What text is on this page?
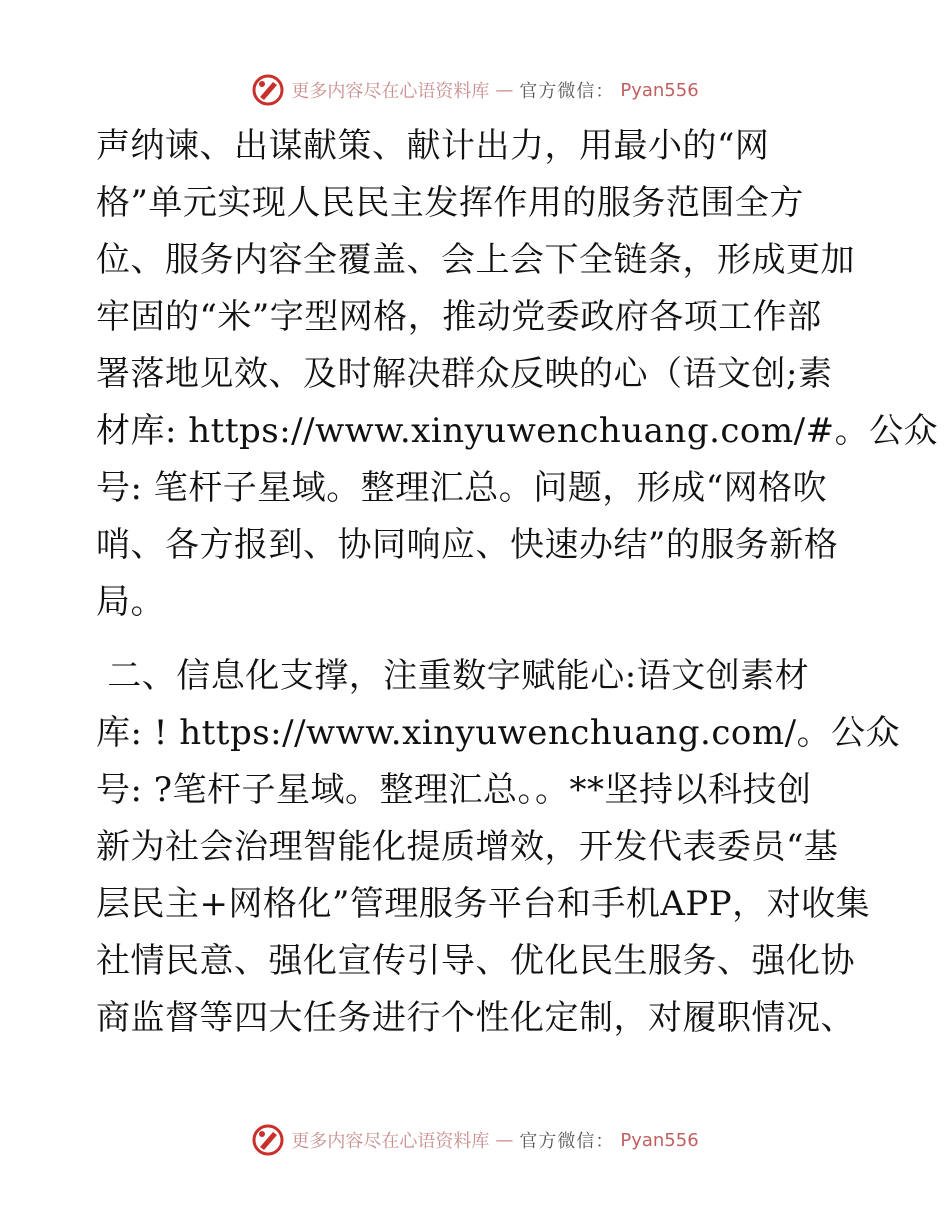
更多内容尽在心语资料库 — 官方微信： Pyan556
声纳谏、出谋献策、献计出力，用最小的“网
格”单元实现人民民主发挥作用的服务范围全方
位、服务内容全覆盖、会上会下全链条，形成更加
牢固的“米”字型网格，推动党委政府各项工作部
署落地见效、及时解决群众反映的心（语文创;素
材库: https://www.xinyuwenchuang.com/#。公众
号: 笔杆子星域。整理汇总。问题，形成“网格吹
哨、各方报到、协同响应、快速办结”的服务新格
局。
二、信息化支撑，注重数字赋能心:语文创素材
库: ! https://www.xinyuwenchuang.com/。公众
号: ?笔杆子星域。整理汇总。。**坚持以科技创
新为社会治理智能化提质增效，开发代表委员“基
层民主+网格化”管理服务平台和手机APP，对收集
社情民意、强化宣传引导、优化民生服务、强化协
商监督等四大任务进行个性化定制，对履职情况、
更多内容尽在心语资料库 — 官方微信： Pyan556
